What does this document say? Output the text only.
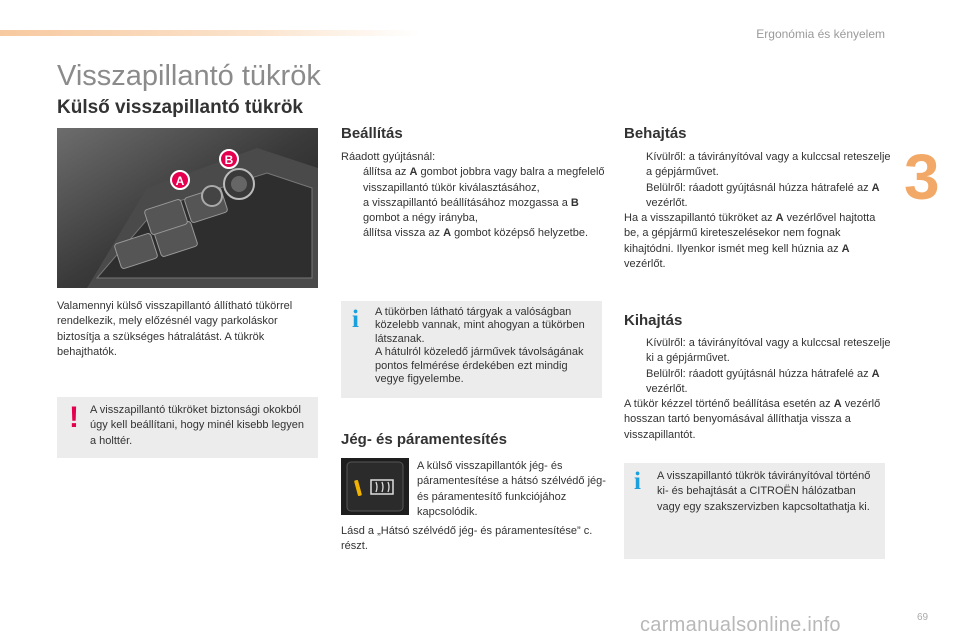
Ergonómia és kényelem
3
Visszapillantó tükrök
Külső visszapillantó tükrök
A
B

Valamennyi külső visszapillantó állítható tükörrel rendelkezik, mely előzésnél vagy parkoláskor biztosítja a szükséges hátralátást. A tükrök behajthatók.

! A visszapillantó tükröket biztonsági okokból úgy kell beállítani, hogy minél kisebb legyen a holttér.

Beállítás
Ráadott gyújtásnál:
állítsa az A gombot jobbra vagy balra a megfelelő visszapillantó tükör kiválasztásához,
a visszapillantó beállításához mozgassa a B gombot a négy irányba,
állítsa vissza az A gombot középső helyzetbe.
i A tükörben látható tárgyak a valóságban közelebb vannak, mint ahogyan a tükörben látszanak.
A hátulról közeledő járművek távolságának pontos felmérése érdekében ezt mindig vegye figyelembe.

Jég- és páramentesítés

A külső visszapillantók jég- és páramentesítése a hátsó szélvédő jég- és páramentesítő funkciójához kapcsolódik.

Lásd a „Hátsó szélvédő jég- és páramentesítése” c. részt.

Behajtás
Kívülről: a távirányítóval vagy a kulccsal reteszelje a gépjárművet.
Belülről: ráadott gyújtásnál húzza hátrafelé az A vezérlőt.
Ha a visszapillantó tükröket az A vezérlővel hajtotta be, a gépjármű kireteszelésekor nem fognak kihajtódni. Ilyenkor ismét meg kell húznia az A vezérlőt.
Kihajtás
Kívülről: a távirányítóval vagy a kulccsal reteszelje ki a gépjárművet.
Belülről: ráadott gyújtásnál húzza hátrafelé az A vezérlőt.
A tükör kézzel történő beállítása esetén az A vezérlő hosszan tartó benyomásával állíthatja vissza a visszapillantót.
i A visszapillantó tükrök távirányítóval történő ki- és behajtását a CITROËN hálózatban vagy egy szakszervizben kapcsoltathatja ki.

carmanualsonline.info	69
